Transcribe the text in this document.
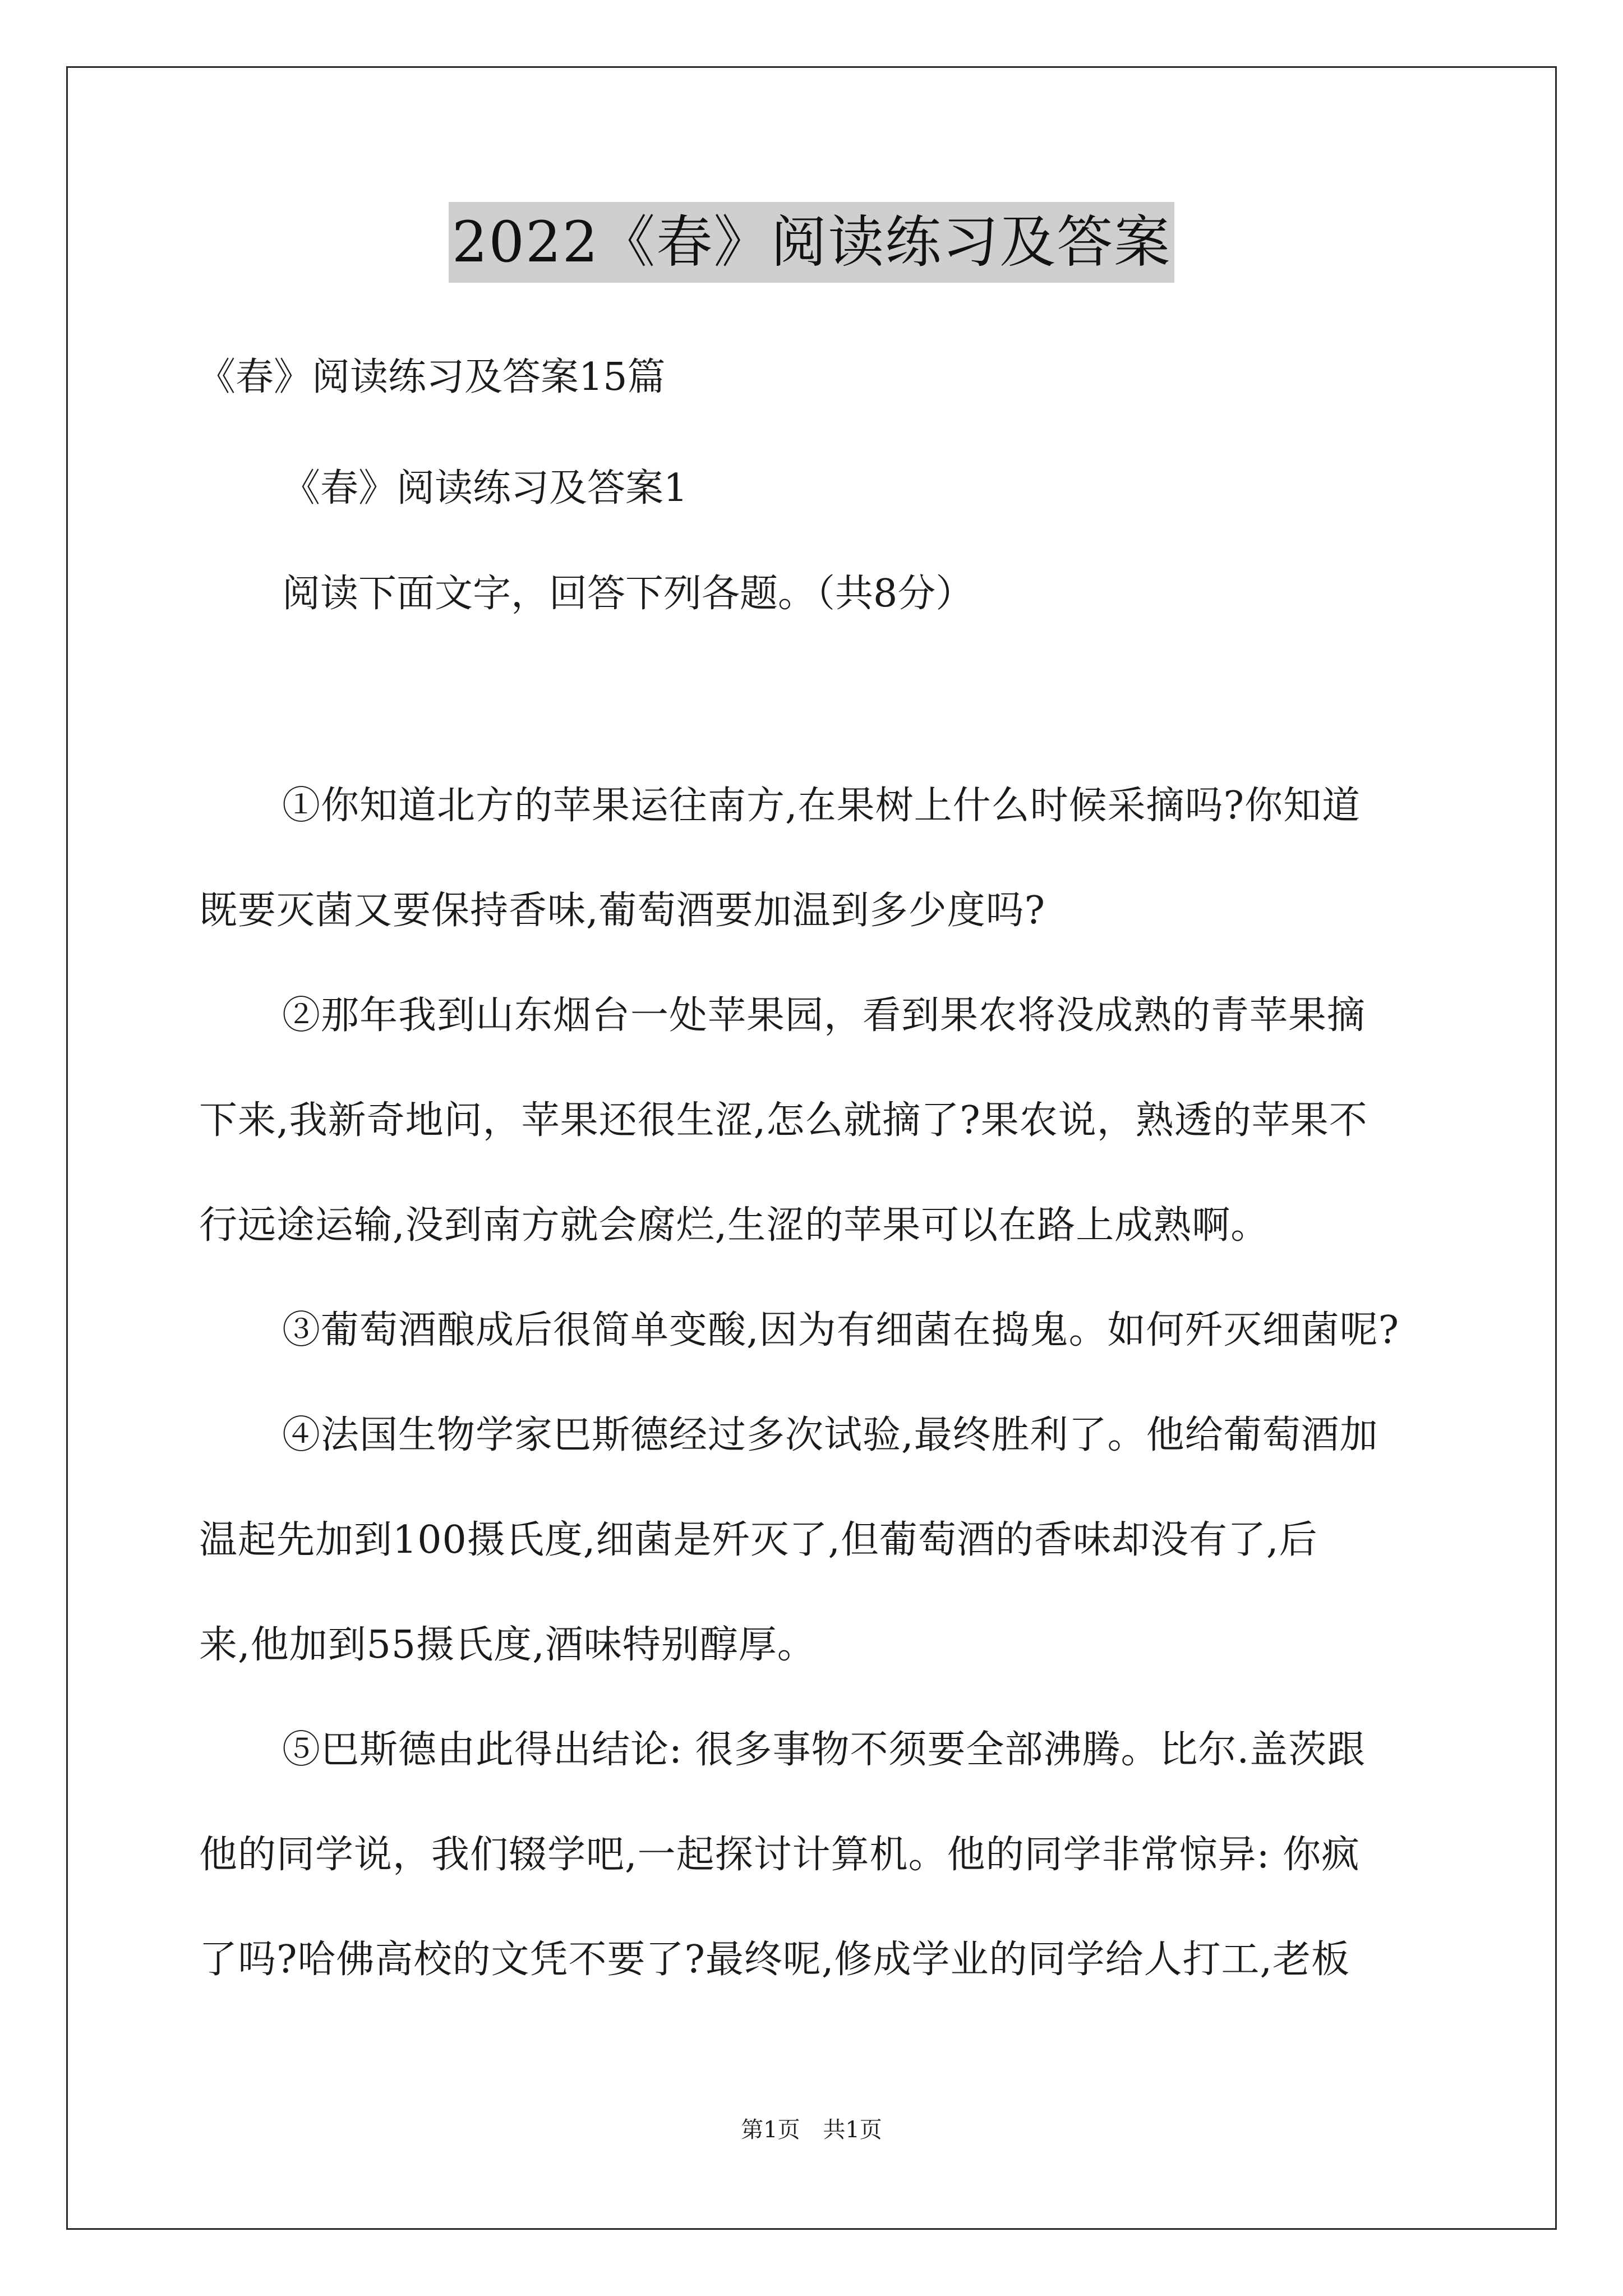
2022《春》阅读练习及答案
《春》阅读练习及答案15篇
《春》阅读练习及答案1
阅读下面文字，回答下列各题。（共8分）
①你知道北方的苹果运往南方,在果树上什么时候采摘吗?你知道
既要灭菌又要保持香味,葡萄酒要加温到多少度吗?
②那年我到山东烟台一处苹果园，看到果农将没成熟的青苹果摘
下来,我新奇地问，苹果还很生涩,怎么就摘了?果农说，熟透的苹果不
行远途运输,没到南方就会腐烂,生涩的苹果可以在路上成熟啊。
③葡萄酒酿成后很简单变酸,因为有细菌在捣鬼。如何歼灭细菌呢?
④法国生物学家巴斯德经过多次试验,最终胜利了。他给葡萄酒加
温起先加到100摄氏度,细菌是歼灭了,但葡萄酒的香味却没有了,后
来,他加到55摄氏度,酒味特别醇厚。
⑤巴斯德由此得出结论: 很多事物不须要全部沸腾。比尔.盖茨跟
他的同学说，我们辍学吧,一起探讨计算机。他的同学非常惊异: 你疯
了吗?哈佛高校的文凭不要了?最终呢,修成学业的同学给人打工,老板
第1页 共1页
